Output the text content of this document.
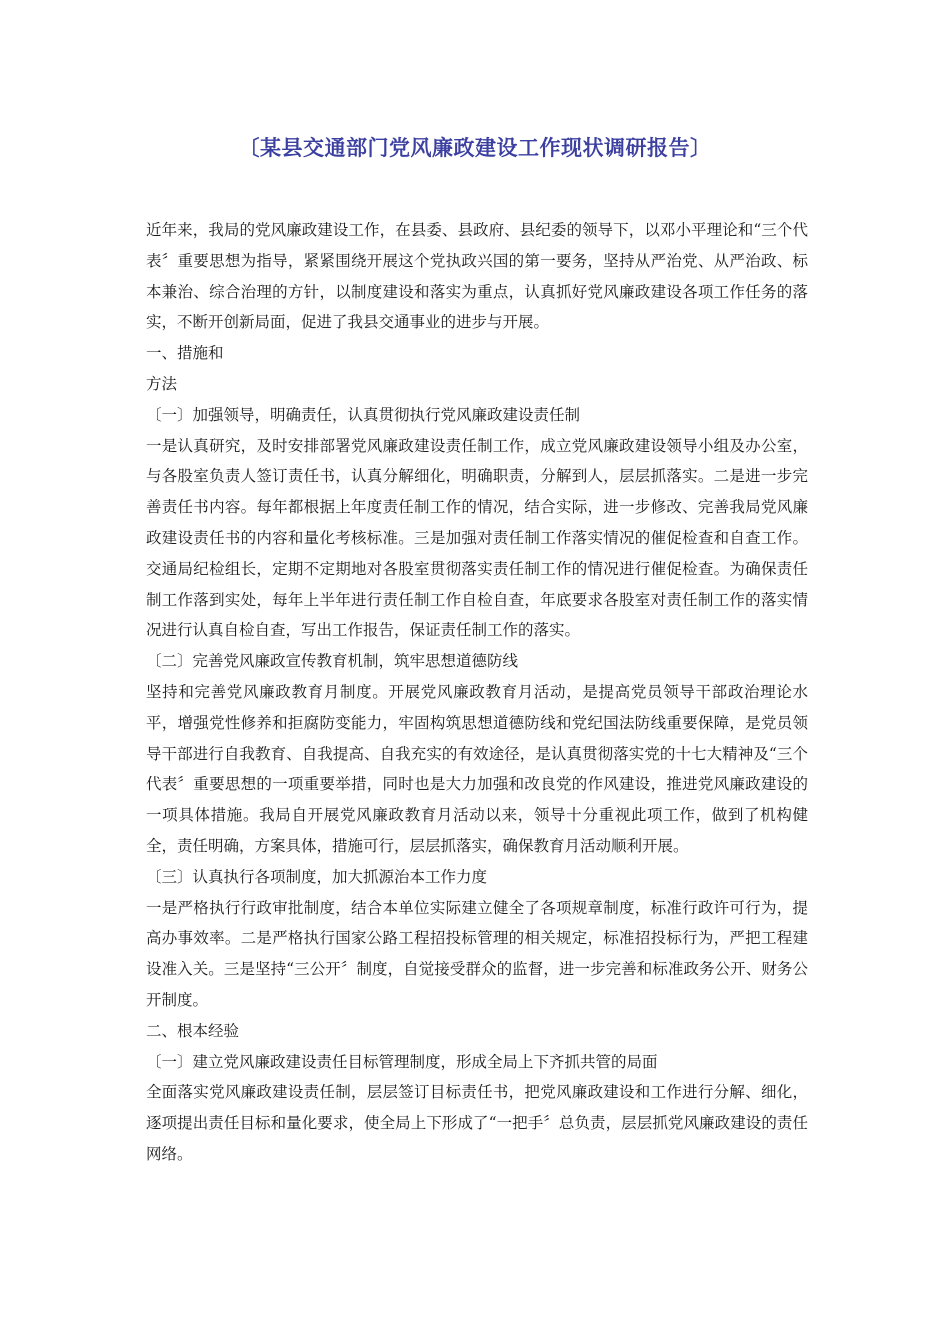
〔某县交通部门党风廉政建设工作现状调研报告〕

近年来，我局的党风廉政建设工作，在县委、县政府、县纪委的领导下，以邓小平理论和“三个代表〞重要思想为指导，紧紧围绕开展这个党执政兴国的第一要务，坚持从严治党、从严治政、标本兼治、综合治理的方针，以制度建设和落实为重点，认真抓好党风廉政建设各项工作任务的落实，不断开创新局面，促进了我县交通事业的进步与开展。

一、措施和

方法

〔一〕加强领导，明确责任，认真贯彻执行党风廉政建设责任制

一是认真研究，及时安排部署党风廉政建设责任制工作，成立党风廉政建设领导小组及办公室，与各股室负责人签订责任书，认真分解细化，明确职责，分解到人，层层抓落实。二是进一步完善责任书内容。每年都根据上年度责任制工作的情况，结合实际，进一步修改、完善我局党风廉政建设责任书的内容和量化考核标准。三是加强对责任制工作落实情况的催促检查和自查工作。交通局纪检组长，定期不定期地对各股室贯彻落实责任制工作的情况进行催促检查。为确保责任制工作落到实处，每年上半年进行责任制工作自检自查，年底要求各股室对责任制工作的落实情况进行认真自检自查，写出工作报告，保证责任制工作的落实。

〔二〕完善党风廉政宣传教育机制，筑牢思想道德防线

坚持和完善党风廉政教育月制度。开展党风廉政教育月活动，是提高党员领导干部政治理论水平，增强党性修养和拒腐防变能力，牢固构筑思想道德防线和党纪国法防线重要保障，是党员领导干部进行自我教育、自我提高、自我充实的有效途径，是认真贯彻落实党的十七大精神及“三个代表〞重要思想的一项重要举措，同时也是大力加强和改良党的作风建设，推进党风廉政建设的一项具体措施。我局自开展党风廉政教育月活动以来，领导十分重视此项工作，做到了机构健全，责任明确，方案具体，措施可行，层层抓落实，确保教育月活动顺利开展。

〔三〕认真执行各项制度，加大抓源治本工作力度

一是严格执行行政审批制度，结合本单位实际建立健全了各项规章制度，标准行政许可行为，提高办事效率。二是严格执行国家公路工程招投标管理的相关规定，标准招投标行为，严把工程建设准入关。三是坚持“三公开〞制度，自觉接受群众的监督，进一步完善和标准政务公开、财务公开制度。

二、根本经验

〔一〕建立党风廉政建设责任目标管理制度，形成全局上下齐抓共管的局面

全面落实党风廉政建设责任制，层层签订目标责任书，把党风廉政建设和工作进行分解、细化，逐项提出责任目标和量化要求，使全局上下形成了“一把手〞总负责，层层抓党风廉政建设的责任网络。
